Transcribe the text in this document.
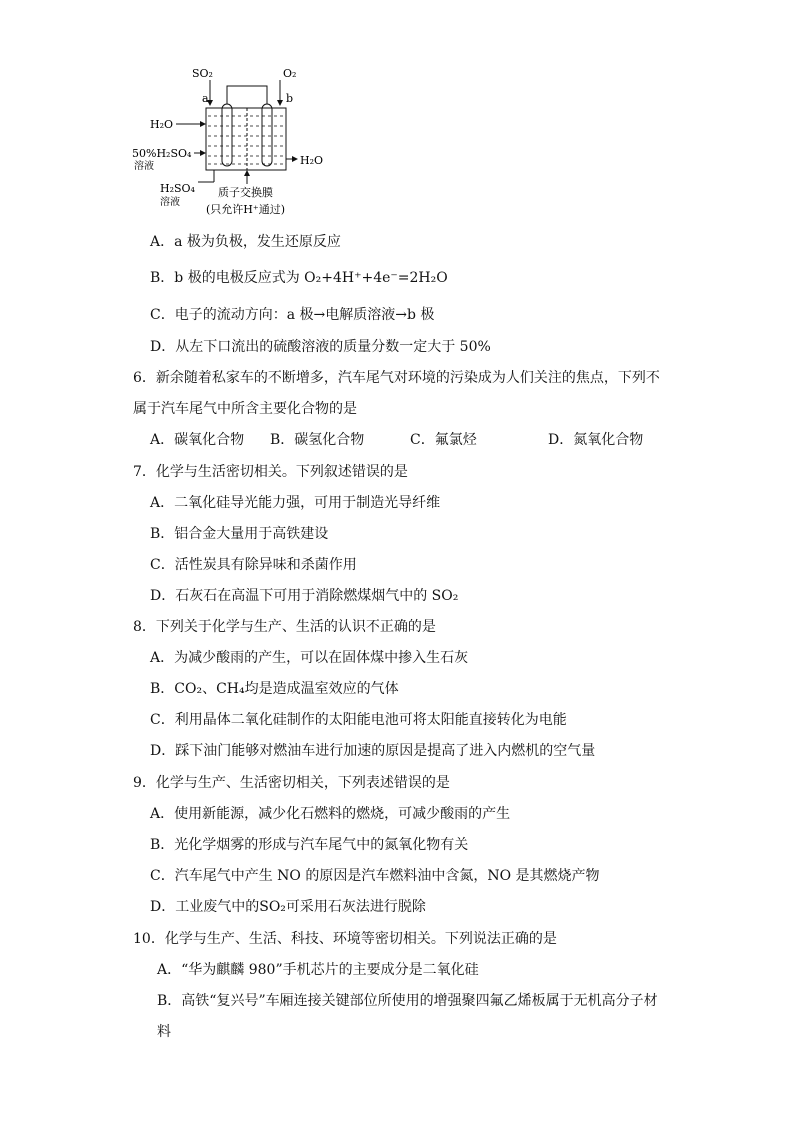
SO₂	O₂
a	b
H₂O
50%H₂SO₄
溶液	H₂O
H₂SO₄
溶液
质子交换膜
(只允许H⁺通过)
A．a 极为负极，发生还原反应
B．b 极的电极反应式为 O₂+4H⁺+4e⁻=2H₂O
C．电子的流动方向：a 极→电解质溶液→b 极
D．从左下口流出的硫酸溶液的质量分数一定大于 50%
6．新余随着私家车的不断增多，汽车尾气对环境的污染成为人们关注的焦点，下列不
属于汽车尾气中所含主要化合物的是
A．碳氧化合物 B．碳氢化合物	C．氟氯烃	D．氮氧化合物
7．化学与生活密切相关。下列叙述错误的是
A．二氧化硅导光能力强，可用于制造光导纤维
B．铝合金大量用于高铁建设
C．活性炭具有除异味和杀菌作用
D．石灰石在高温下可用于消除燃煤烟气中的 SO₂
8．下列关于化学与生产、生活的认识不正确的是
A．为减少酸雨的产生，可以在固体煤中掺入生石灰
B．CO₂、CH₄均是造成温室效应的气体
C．利用晶体二氧化硅制作的太阳能电池可将太阳能直接转化为电能
D．踩下油门能够对燃油车进行加速的原因是提高了进入内燃机的空气量
9．化学与生产、生活密切相关，下列表述错误的是
A．使用新能源，减少化石燃料的燃烧，可减少酸雨的产生
B．光化学烟雾的形成与汽车尾气中的氮氧化物有关
C．汽车尾气中产生 NO 的原因是汽车燃料油中含氮，NO 是其燃烧产物
D．工业废气中的SO₂可采用石灰法进行脱除
10．化学与生产、生活、科技、环境等密切相关。下列说法正确的是
A．“华为麒麟 980”手机芯片的主要成分是二氧化硅
B．高铁“复兴号”车厢连接关键部位所使用的增强聚四氟乙烯板属于无机高分子材
料
